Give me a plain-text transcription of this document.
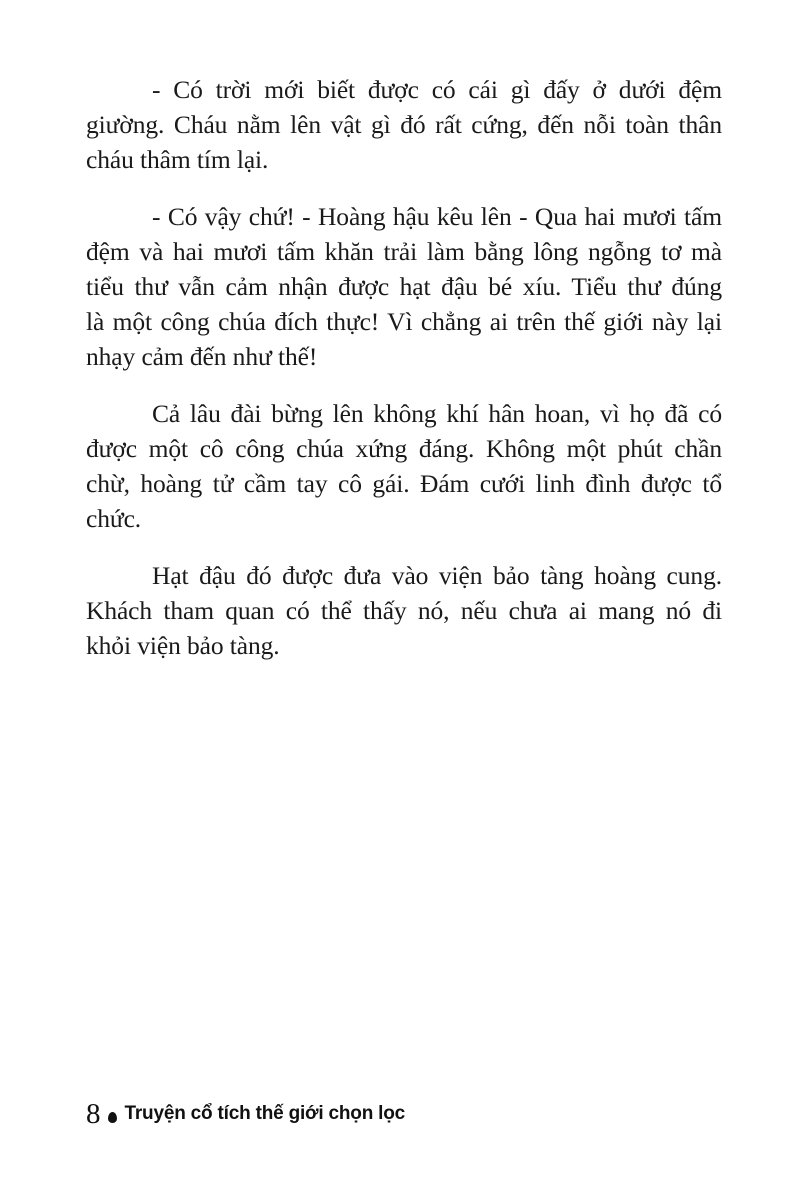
- Có trời mới biết được có cái gì đấy ở dưới đệm
giường. Cháu nằm lên vật gì đó rất cứng, đến nỗi toàn thân
cháu thâm tím lại.

- Có vậy chứ! - Hoàng hậu kêu lên - Qua hai mươi tấm
đệm và hai mươi tấm khăn trải làm bằng lông ngỗng tơ mà
tiểu thư vẫn cảm nhận được hạt đậu bé xíu. Tiểu thư đúng
là một công chúa đích thực! Vì chẳng ai trên thế giới này lại
nhạy cảm đến như thế!

Cả lâu đài bừng lên không khí hân hoan, vì họ đã có
được một cô công chúa xứng đáng. Không một phút chần
chừ, hoàng tử cầm tay cô gái. Đám cưới linh đình được tổ
chức.

Hạt đậu đó được đưa vào viện bảo tàng hoàng cung.
Khách tham quan có thể thấy nó, nếu chưa ai mang nó đi
khỏi viện bảo tàng.

8 Truyện cổ tích thế giới chọn lọc
